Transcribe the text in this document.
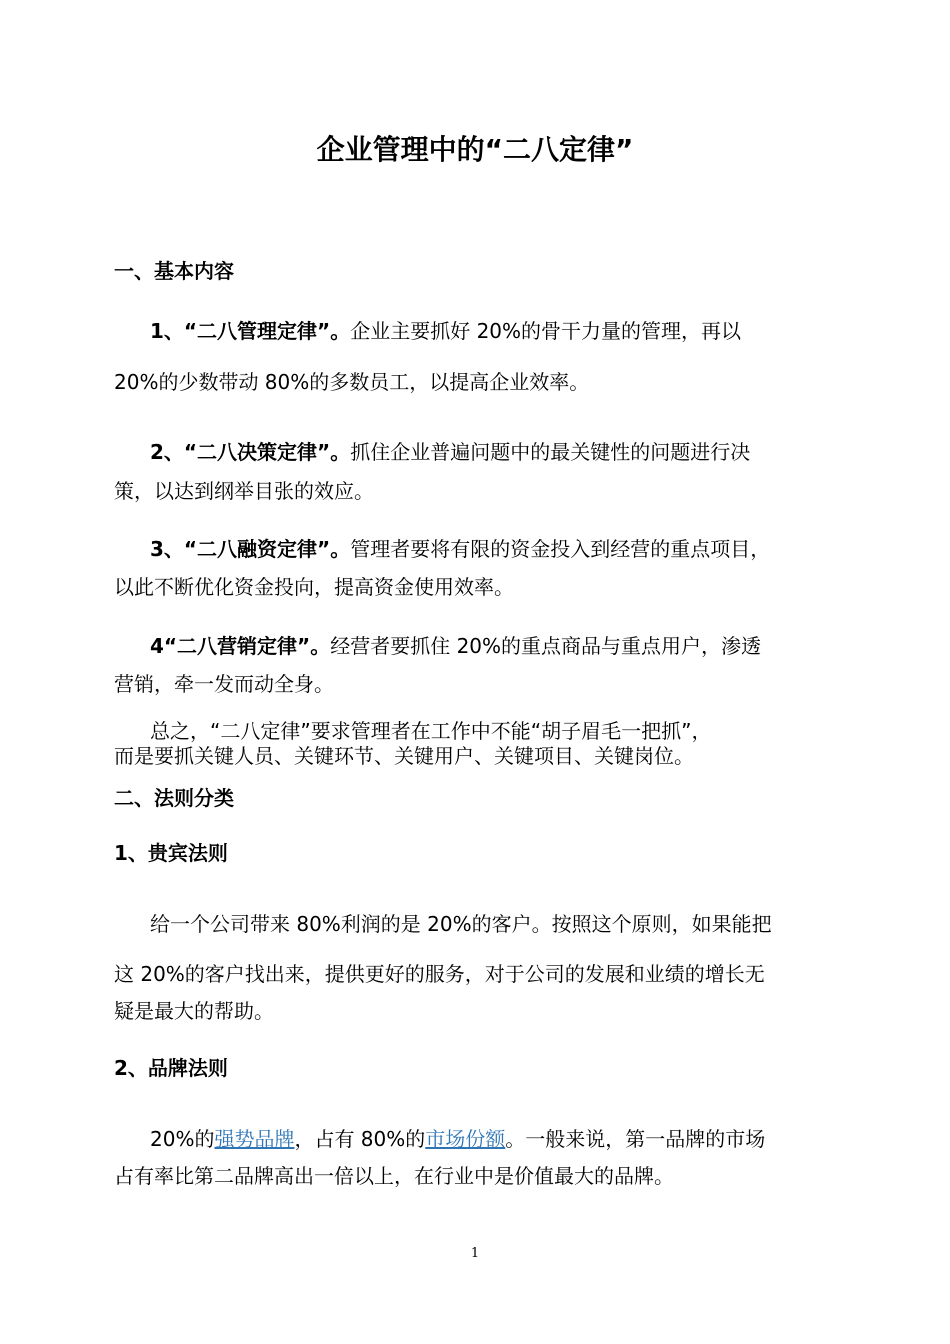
企业管理中的“二八定律”
一、基本内容
1、“二八管理定律”。企业主要抓好 20%的骨干力量的管理，再以
20%的少数带动 80%的多数员工，以提高企业效率。
2、“二八决策定律”。抓住企业普遍问题中的最关键性的问题进行决
策，以达到纲举目张的效应。
3、“二八融资定律”。管理者要将有限的资金投入到经营的重点项目，
以此不断优化资金投向，提高资金使用效率。
4“二八营销定律”。经营者要抓住 20%的重点商品与重点用户，渗透
营销，牵一发而动全身。
总之，“二八定律”要求管理者在工作中不能“胡子眉毛一把抓”，
而是要抓关键人员、关键环节、关键用户、关键项目、关键岗位。
二、法则分类
1、贵宾法则
给一个公司带来 80%利润的是 20%的客户。按照这个原则，如果能把
这 20%的客户找出来，提供更好的服务，对于公司的发展和业绩的增长无
疑是最大的帮助。
2、品牌法则
20%的强势品牌，占有 80%的市场份额。一般来说，第一品牌的市场
占有率比第二品牌高出一倍以上，在行业中是价值最大的品牌。
1
